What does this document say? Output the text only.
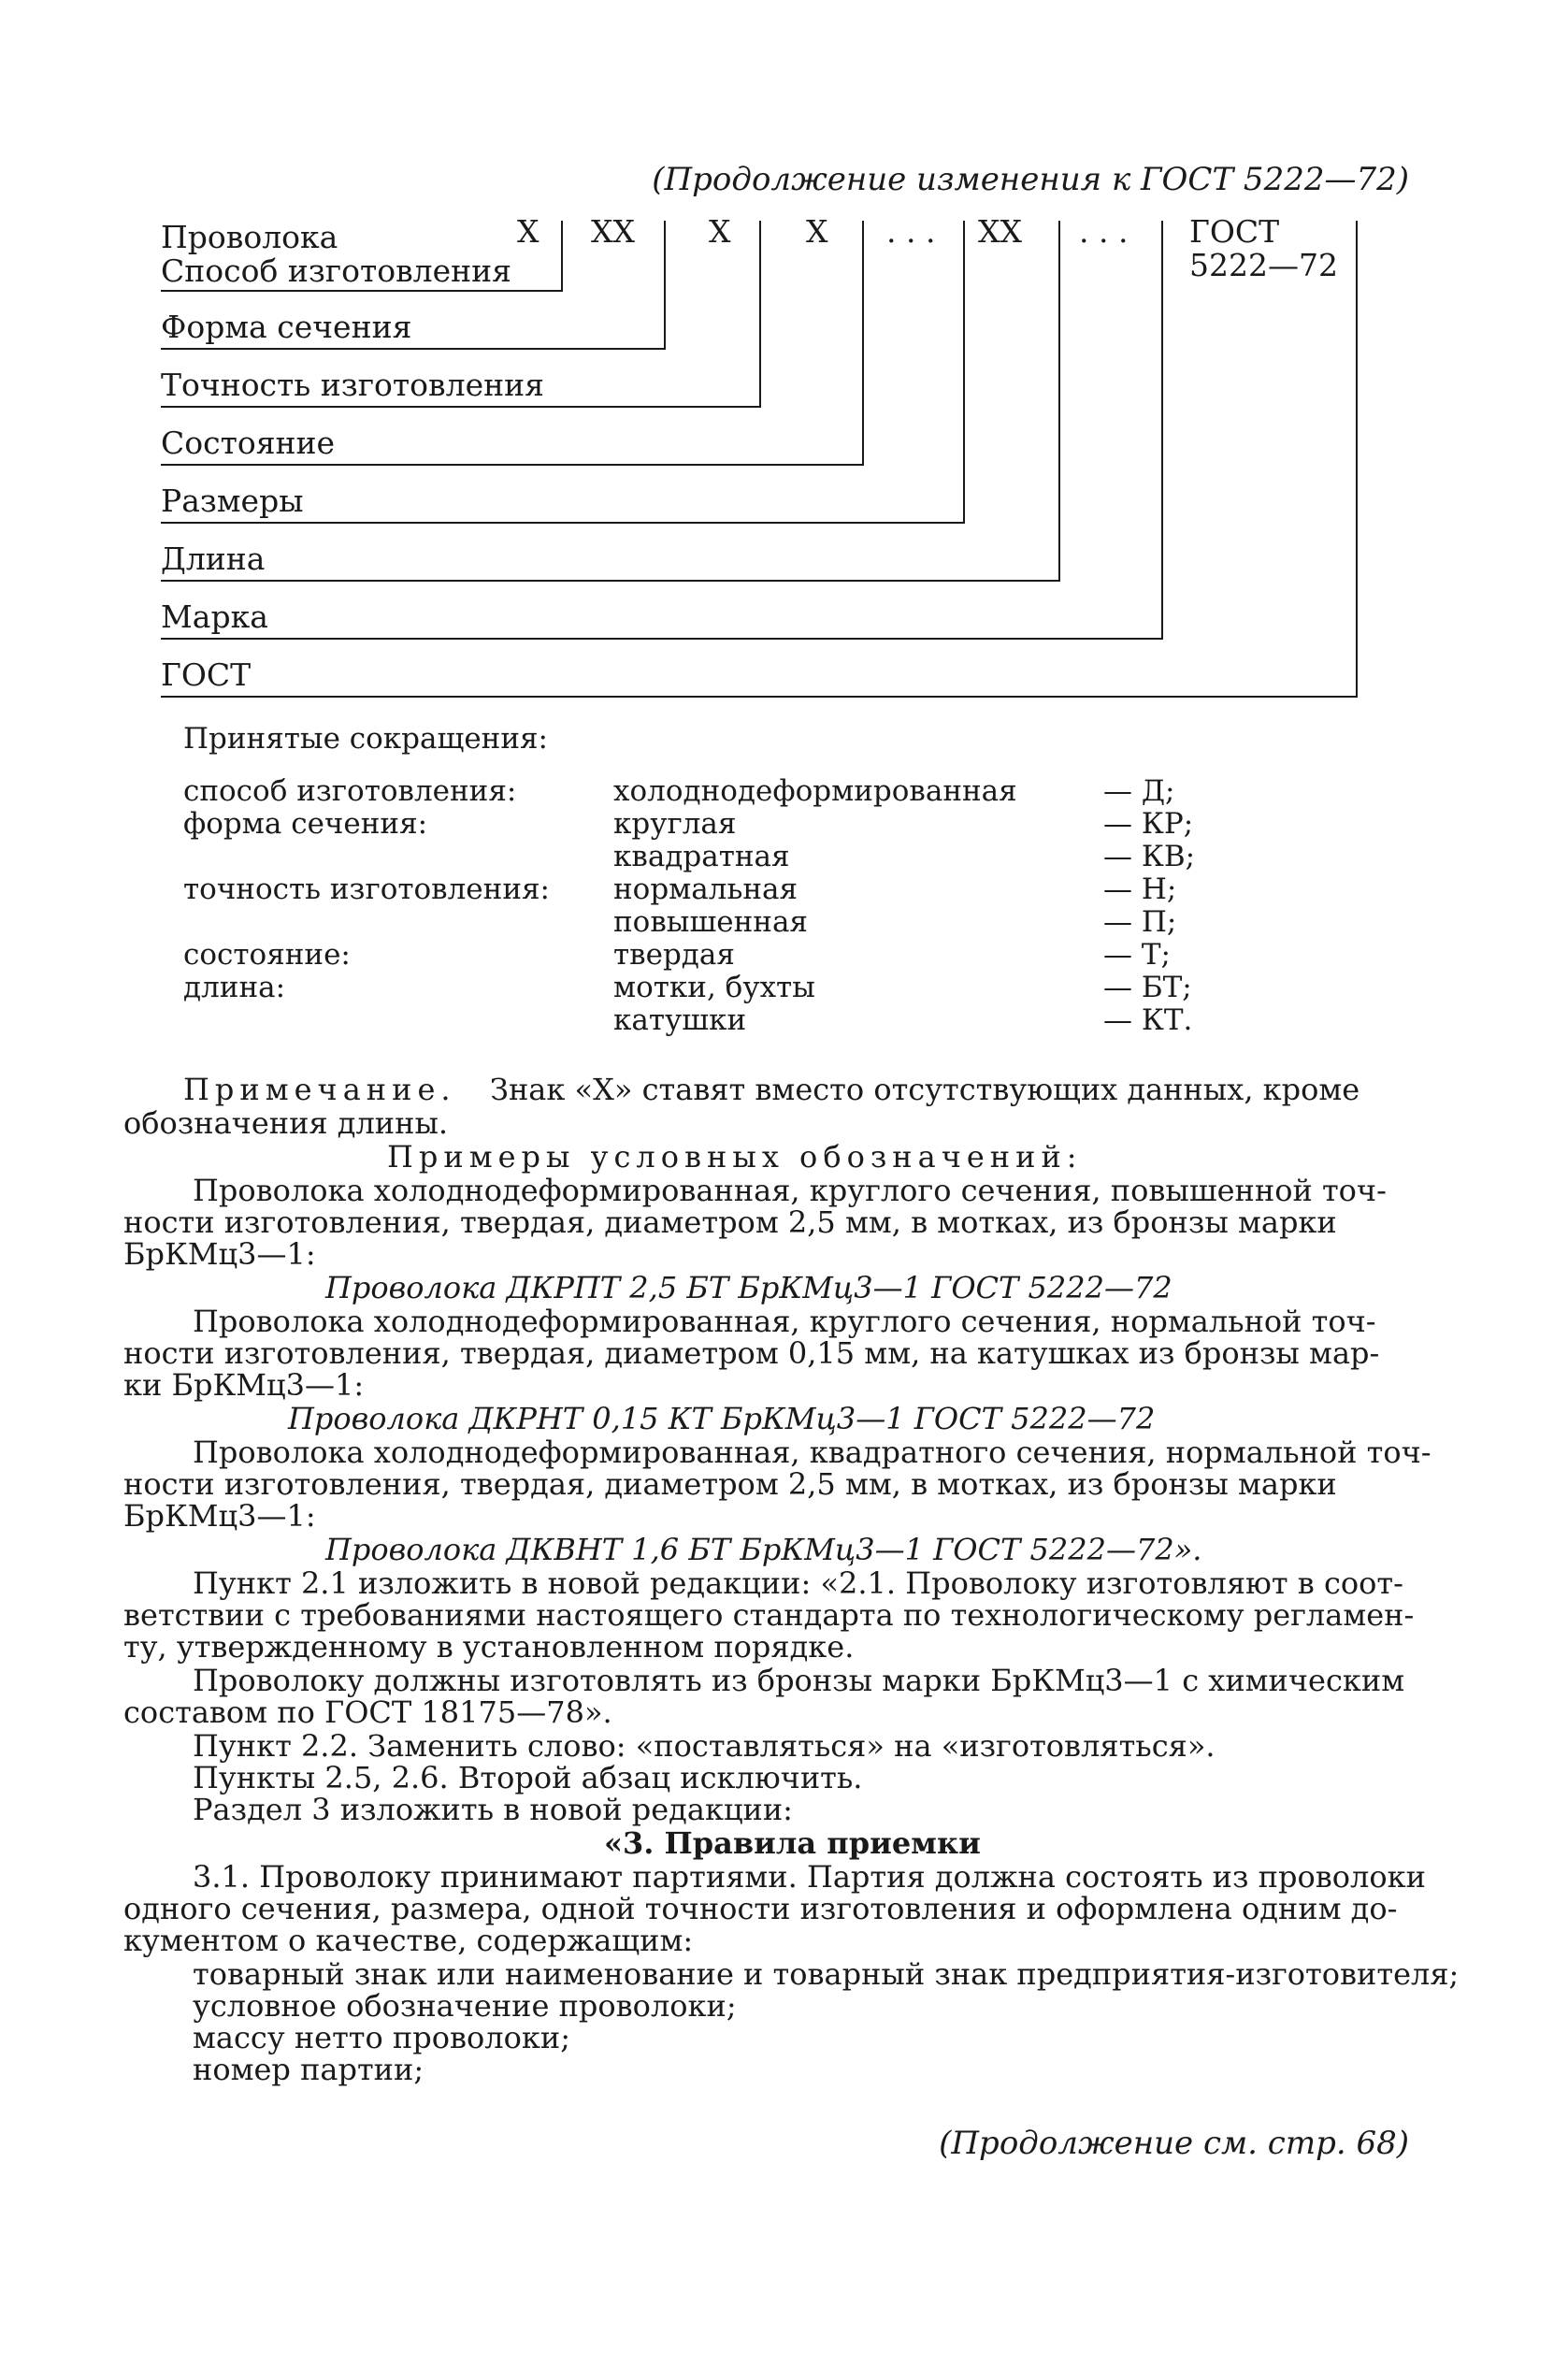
(Продолжение изменения к ГОСТ 5222—72)
Проволока	X XX X X . . . XX . . . ГОСТ
5222—72
Способ изготовления
Форма сечения
Точность изготовления
Состояние
Размеры
Длина
Марка
ГОСТ
Принятые сокращения:
способ изготовления:	холоднодеформированная	— Д;
форма сечения:	круглая	— КР;
квадратная	— КВ;
точность изготовления: нормальная	— Н;
повышенная	— П;
состояние:	твердая	— Т;
длина:	мотки, бухты	— БТ;
катушки	— КТ.
Примечание. Знак «X» ставят вместо отсутствующих данных, кроме
обозначения длины.
Примеры условных обозначений:
Проволока холоднодеформированная, круглого сечения, повышенной точ-
ности изготовления, твердая, диаметром 2,5 мм, в мотках, из бронзы марки
БрКМц3—1:
Проволока ДКРПТ 2,5 БТ БрКМц3—1 ГОСТ 5222—72
Проволока холоднодеформированная, круглого сечения, нормальной точ-
ности изготовления, твердая, диаметром 0,15 мм, на катушках из бронзы мар-
ки БрКМц3—1:
Проволока ДКРНТ 0,15 КТ БрКМц3—1 ГОСТ 5222—72
Проволока холоднодеформированная, квадратного сечения, нормальной точ-
ности изготовления, твердая, диаметром 2,5 мм, в мотках, из бронзы марки
БрКМц3—1:
Проволока ДКВНТ 1,6 БТ БрКМц3—1 ГОСТ 5222—72».
Пункт 2.1 изложить в новой редакции: «2.1. Проволоку изготовляют в соот-
ветствии с требованиями настоящего стандарта по технологическому регламен-
ту, утвержденному в установленном порядке.
Проволоку должны изготовлять из бронзы марки БрКМц3—1 с химическим
составом по ГОСТ 18175—78».
Пункт 2.2. Заменить слово: «поставляться» на «изготовляться».
Пункты 2.5, 2.6. Второй абзац исключить.
Раздел 3 изложить в новой редакции:
«3. Правила приемки
3.1. Проволоку принимают партиями. Партия должна состоять из проволоки
одного сечения, размера, одной точности изготовления и оформлена одним до-
кументом о качестве, содержащим:
товарный знак или наименование и товарный знак предприятия-изготовителя;
условное обозначение проволоки;
массу нетто проволоки;
номер партии;
(Продолжение см. стр. 68)
